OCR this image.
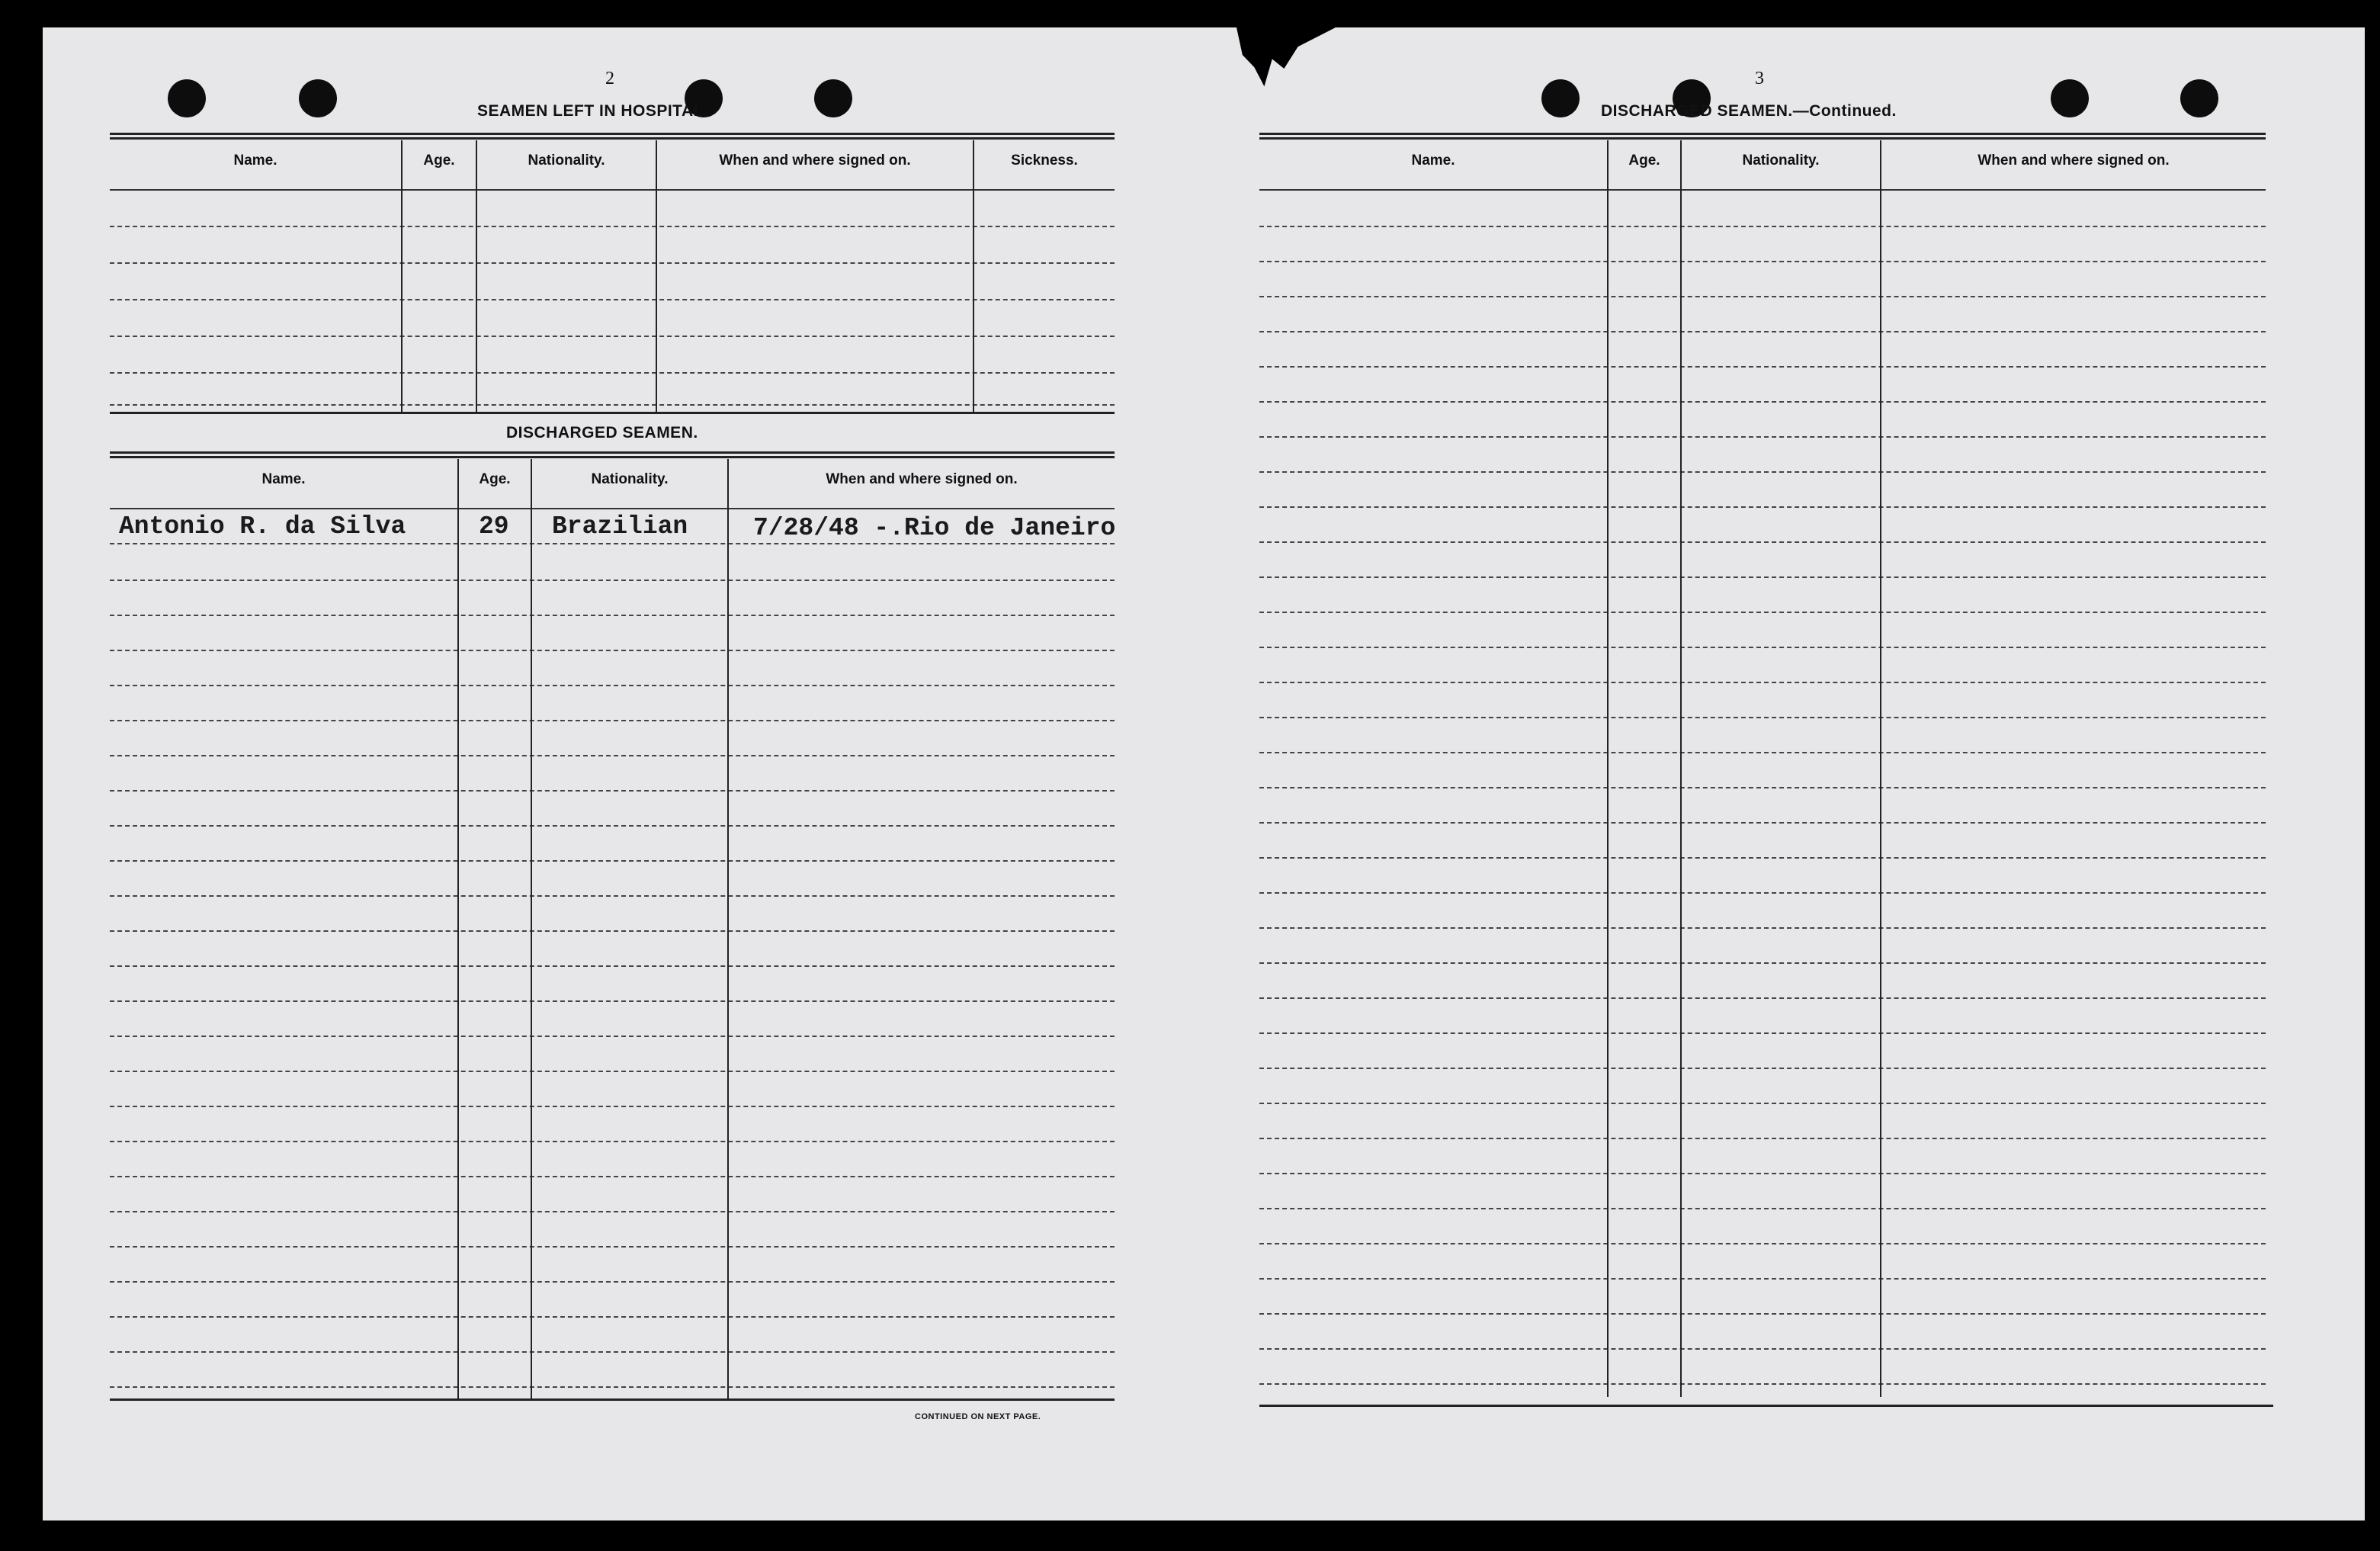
2
SEAMEN LEFT IN HOSPITAL.
Name.	Age.	Nationality.	When and where signed on.	Sickness.
DISCHARGED SEAMEN.
Name.	Age.	Nationality.	When and where signed on.
Antonio R. da Silva	29 Brazilian	7/28/48 -.Rio de Janeiro
CONTINUED ON NEXT PAGE.
3
DISCHARGED SEAMEN.—Continued.
Name.	Age.	Nationality.	When and where signed on.
